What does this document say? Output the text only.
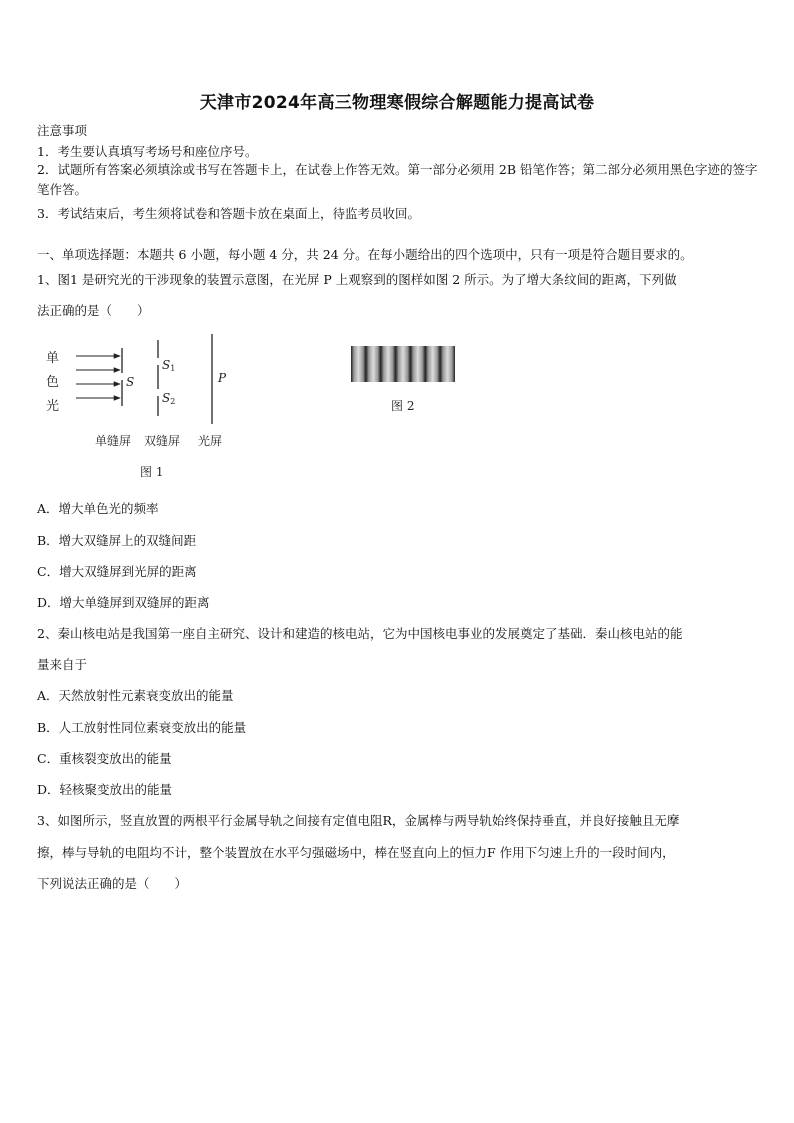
天津市2024年高三物理寒假综合解题能力提高试卷
注意事项
1．考生要认真填写考场号和座位序号。
2．试题所有答案必须填涂或书写在答题卡上，在试卷上作答无效。第一部分必须用 2B 铅笔作答；第二部分必须用黑色字迹的签字笔作答。
3．考试结束后，考生须将试卷和答题卡放在桌面上，待监考员收回。
一、单项选择题：本题共 6 小题，每小题 4 分，共 24 分。在每小题给出的四个选项中，只有一项是符合题目要求的。
1、图1 是研究光的干涉现象的装置示意图，在光屏 P 上观察到的图样如图 2 所示。为了增大条纹间的距离，下列做
法正确的是（　　）
单
色
光
S
S1
S2
P
单缝屏 双缝屏 光屏
图 1
图 2
A．增大单色光的频率
B．增大双缝屏上的双缝间距
C．增大双缝屏到光屏的距离
D．增大单缝屏到双缝屏的距离
2、秦山核电站是我国第一座自主研究、设计和建造的核电站，它为中国核电事业的发展奠定了基础．秦山核电站的能
量来自于
A．天然放射性元素衰变放出的能量
B．人工放射性同位素衰变放出的能量
C．重核裂变放出的能量
D．轻核聚变放出的能量
3、如图所示，竖直放置的两根平行金属导轨之间接有定值电阻R，金属棒与两导轨始终保持垂直，并良好接触且无摩
擦，棒与导轨的电阻均不计，整个装置放在水平匀强磁场中，棒在竖直向上的恒力F 作用下匀速上升的一段时间内，
下列说法正确的是（　　）
